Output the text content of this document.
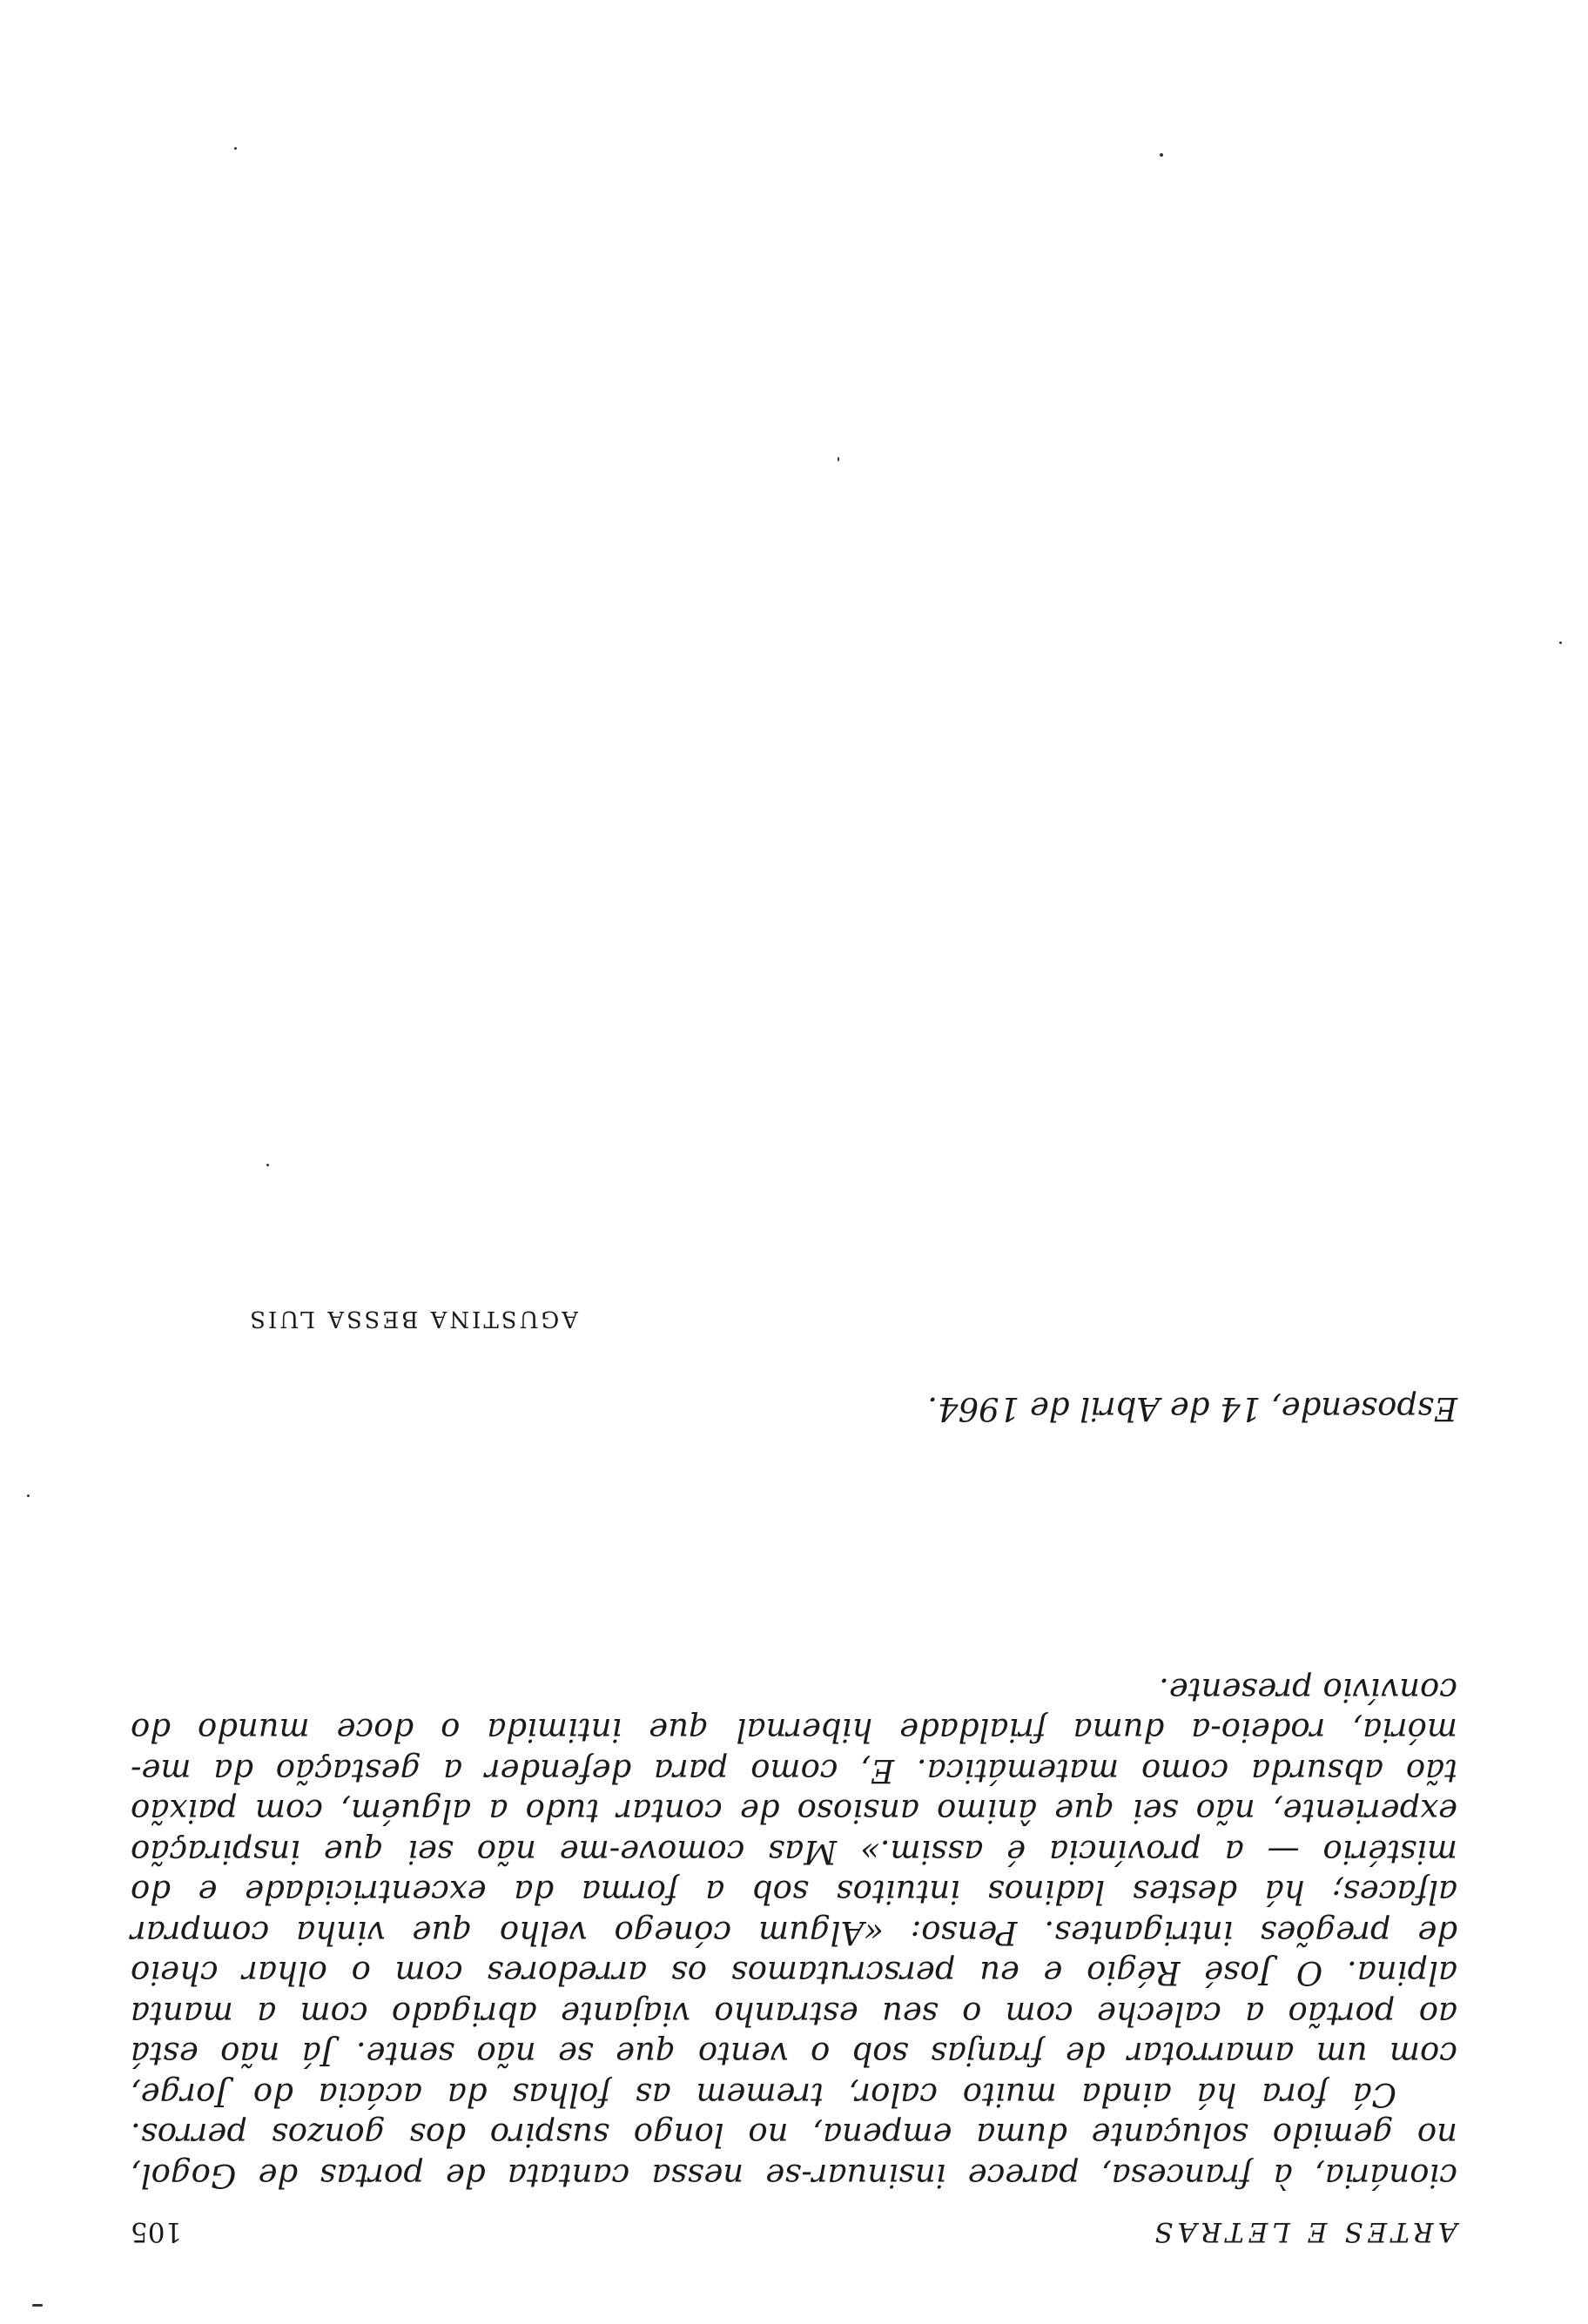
ARTES E LETRAS
105
cionária, à francesa, parece insinuar-se nessa cantata de portas de Gogol,
no gemido soluçante duma empena, no longo suspiro dos gonzos perros.
Cá fora há ainda muito calor, tremem as folhas da acácia do Jorge,
com um amarrotar de franjas sob o vento que se não sente. Já não está
ao portão a caleche com o seu estranho viajante abrigado com a manta
alpina. O José Régio e eu perscrutamos os arredores com o olhar cheio
de pregões intrigantes. Penso: «Algum cónego velho que vinha comprar
alfaces; há destes ladinos intuitos sob a forma da excentricidade e do
mistério — a província é assim.» Mas comove-me não sei que inspiração
experiente, não sei que ânimo ansioso de contar tudo a alguém, com paixão
tão absurda como matemática. E, como para defender a gestação da me-
mória, rodeio-a duma frialdade hibernal que intimida o doce mundo do
convívio presente.
Esposende, 14 de Abril de 1964.
AGUSTINA BESSA LUIS
